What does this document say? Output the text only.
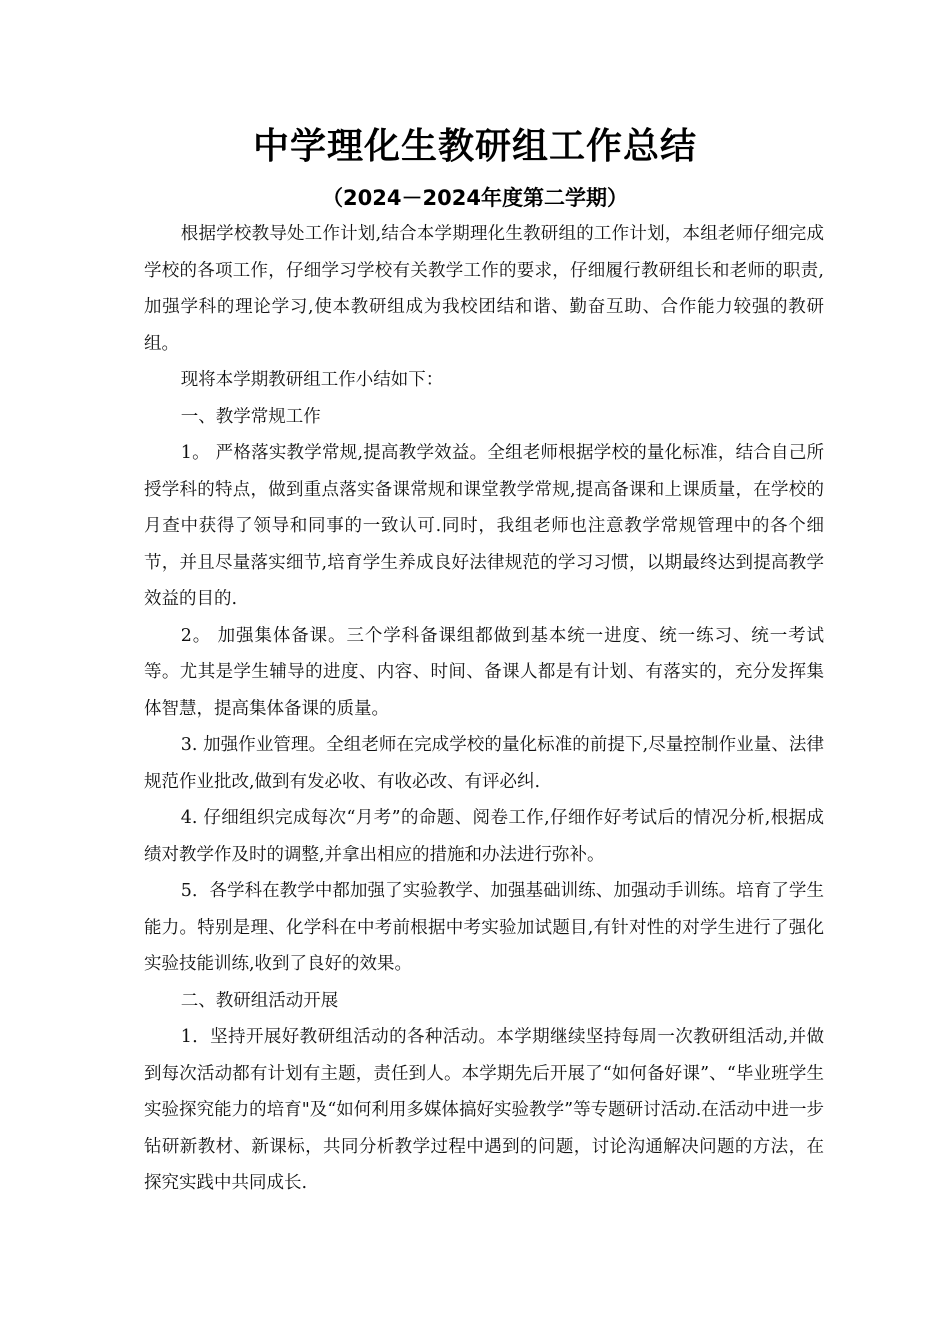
中学理化生教研组工作总结
（2024－2024年度第二学期）

根据学校教导处工作计划,结合本学期理化生教研组的工作计划，本组老师仔细完成学校的各项工作，仔细学习学校有关教学工作的要求，仔细履行教研组长和老师的职责,加强学科的理论学习,使本教研组成为我校团结和谐、勤奋互助、合作能力较强的教研组。

现将本学期教研组工作小结如下：

一、教学常规工作

1。 严格落实教学常规,提高教学效益。全组老师根据学校的量化标准，结合自己所授学科的特点，做到重点落实备课常规和课堂教学常规,提高备课和上课质量，在学校的月查中获得了领导和同事的一致认可.同时，我组老师也注意教学常规管理中的各个细节，并且尽量落实细节,培育学生养成良好法律规范的学习习惯，以期最终达到提高教学效益的目的.

2。 加强集体备课。三个学科备课组都做到基本统一进度、统一练习、统一考试等。尤其是学生辅导的进度、内容、时间、备课人都是有计划、有落实的，充分发挥集体智慧，提高集体备课的质量。

3. 加强作业管理。全组老师在完成学校的量化标准的前提下,尽量控制作业量、法律规范作业批改,做到有发必收、有收必改、有评必纠.

4. 仔细组织完成每次“月考”的命题、阅卷工作,仔细作好考试后的情况分析,根据成绩对教学作及时的调整,并拿出相应的措施和办法进行弥补。

5．各学科在教学中都加强了实验教学、加强基础训练、加强动手训练。培育了学生能力。特别是理、化学科在中考前根据中考实验加试题目,有针对性的对学生进行了强化实验技能训练,收到了良好的效果。

二、教研组活动开展

1．坚持开展好教研组活动的各种活动。本学期继续坚持每周一次教研组活动,并做到每次活动都有计划有主题，责任到人。本学期先后开展了“如何备好课”、“毕业班学生实验探究能力的培育"及“如何利用多媒体搞好实验教学”等专题研讨活动.在活动中进一步钻研新教材、新课标，共同分析教学过程中遇到的问题，讨论沟通解决问题的方法，在探究实践中共同成长.
